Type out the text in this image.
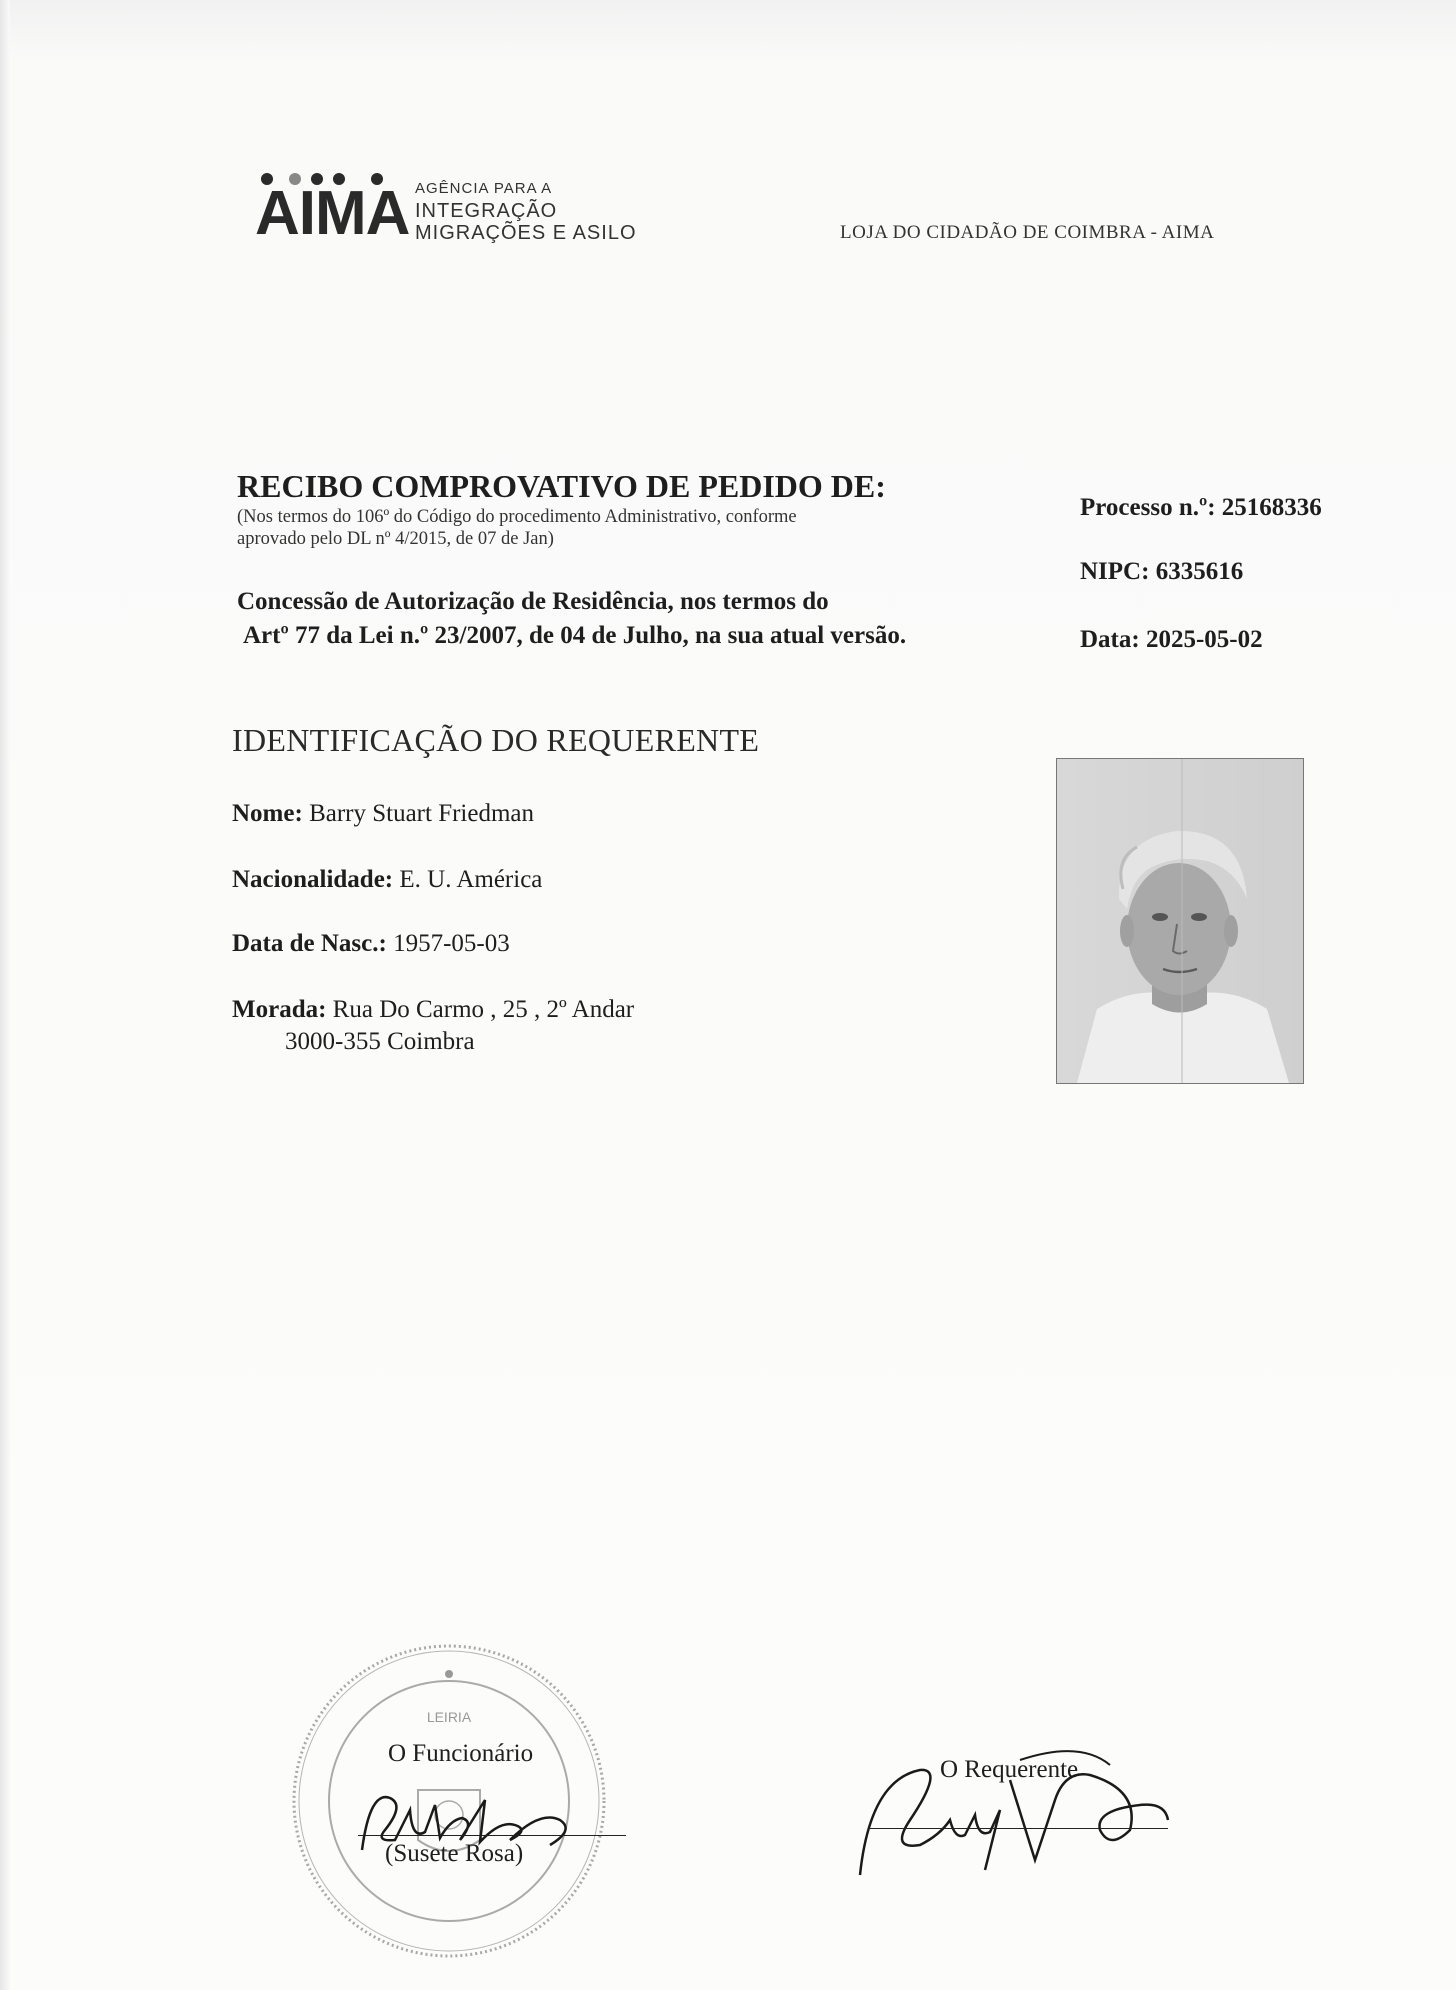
AIMA AGÊNCIA PARA A
INTEGRAÇÃO
MIGRAÇÕES E ASILO	LOJA DO CIDADÃO DE COIMBRA - AIMA
RECIBO COMPROVATIVO DE PEDIDO DE:
(Nos termos do 106º do Código do procedimento Administrativo, conforme
aprovado pelo DL nº 4/2015, de 07 de Jan)
Concessão de Autorização de Residência, nos termos do
Artº 77 da Lei n.º 23/2007, de 04 de Julho, na sua atual versão.
Processo n.º: 25168336
NIPC: 6335616
Data: 2025-05-02
IDENTIFICAÇÃO DO REQUERENTE
Nome: Barry Stuart Friedman
Nacionalidade: E. U. América
Data de Nasc.: 1957-05-03
Morada: Rua Do Carmo , 25 , 2º Andar
3000-355 Coimbra
LEIRIA
O Funcionário
(Susete Rosa)
O Requerente
